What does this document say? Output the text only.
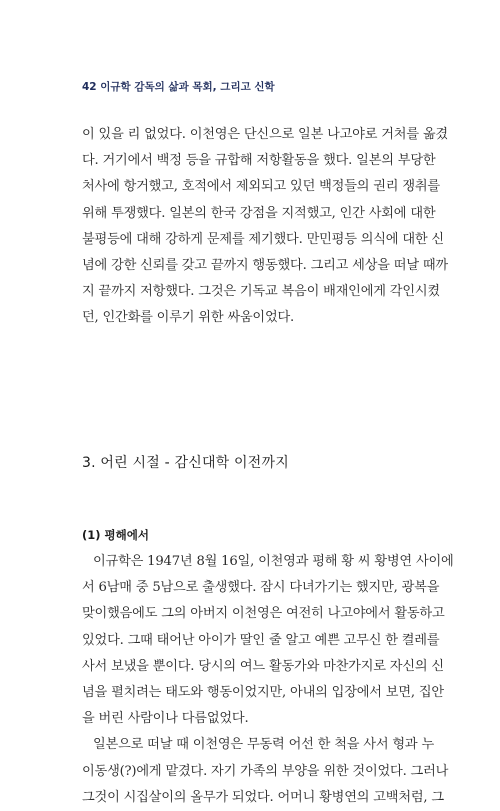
42 이규학 감독의 삶과 목회, 그리고 신학
이 있을 리 없었다. 이천영은 단신으로 일본 나고야로 거처를 옮겼
다. 거기에서 백정 등을 규합해 저항활동을 했다. 일본의 부당한
처사에 항거했고, 호적에서 제외되고 있던 백정들의 권리 쟁취를
위해 투쟁했다. 일본의 한국 강점을 지적했고, 인간 사회에 대한
불평등에 대해 강하게 문제를 제기했다. 만민평등 의식에 대한 신
념에 강한 신뢰를 갖고 끝까지 행동했다. 그리고 세상을 떠날 때까
지 끝까지 저항했다. 그것은 기독교 복음이 배재인에게 각인시켰
던, 인간화를 이루기 위한 싸움이었다.
3. 어린 시절 - 감신대학 이전까지
(1) 평해에서
이규학은 1947년 8월 16일, 이천영과 평해 황 씨 황병연 사이에
서 6남매 중 5남으로 출생했다. 잠시 다녀가기는 했지만, 광복을
맞이했음에도 그의 아버지 이천영은 여전히 나고야에서 활동하고
있었다. 그때 태어난 아이가 딸인 줄 알고 예쁜 고무신 한 켤레를
사서 보냈을 뿐이다. 당시의 여느 활동가와 마찬가지로 자신의 신
념을 펼치려는 태도와 행동이었지만, 아내의 입장에서 보면, 집안
을 버린 사람이나 다름없었다.
일본으로 떠날 때 이천영은 무동력 어선 한 척을 사서 형과 누
이동생(?)에게 맡겼다. 자기 가족의 부양을 위한 것이었다. 그러나
그것이 시집살이의 올무가 되었다. 어머니 황병연의 고백처럼, 그
